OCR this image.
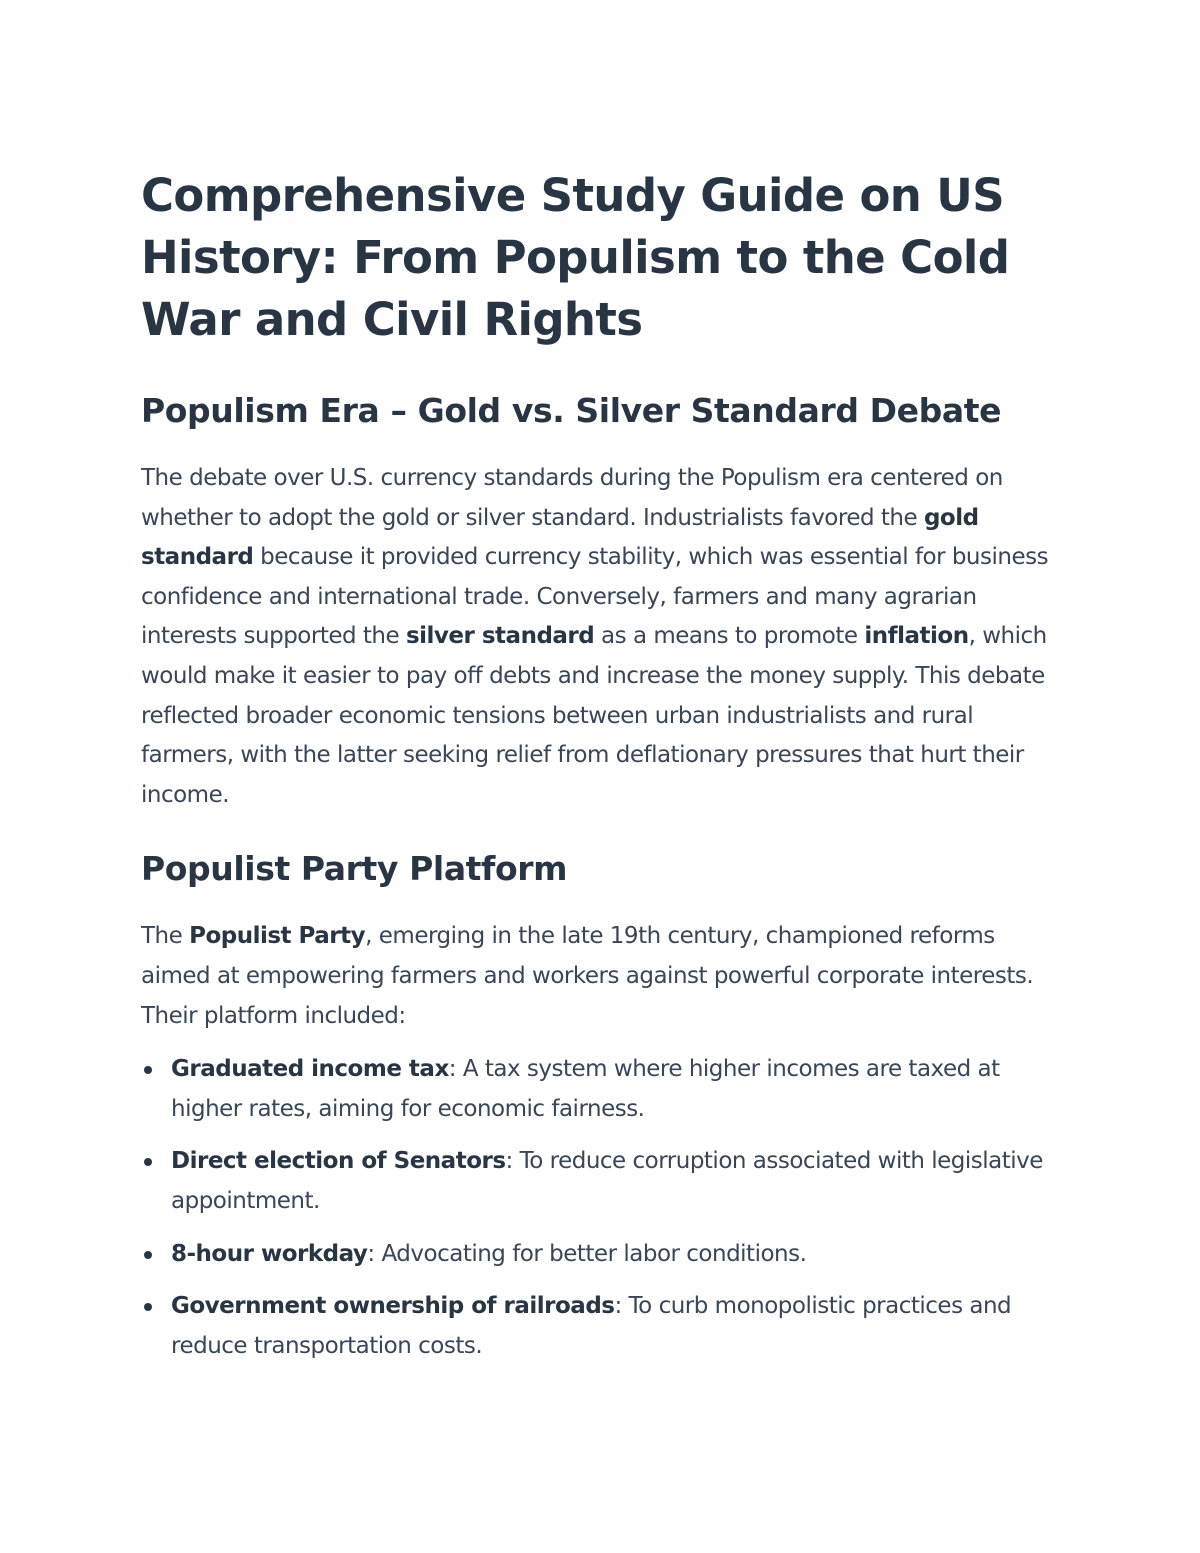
Comprehensive Study Guide on US History: From Populism to the Cold War and Civil Rights
Populism Era – Gold vs. Silver Standard Debate

The debate over U.S. currency standards during the Populism era centered on whether to adopt the gold or silver standard. Industrialists favored the gold standard because it provided currency stability, which was essential for business confidence and international trade. Conversely, farmers and many agrarian interests supported the silver standard as a means to promote inflation, which would make it easier to pay off debts and increase the money supply. This debate reflected broader economic tensions between urban industrialists and rural farmers, with the latter seeking relief from deflationary pressures that hurt their income.

Populist Party Platform

The Populist Party, emerging in the late 19th century, championed reforms aimed at empowering farmers and workers against powerful corporate interests. Their platform included:

Graduated income tax: A tax system where higher incomes are taxed at higher rates, aiming for economic fairness.
Direct election of Senators: To reduce corruption associated with legislative appointment.
8-hour workday: Advocating for better labor conditions.
Government ownership of railroads: To curb monopolistic practices and reduce transportation costs.
